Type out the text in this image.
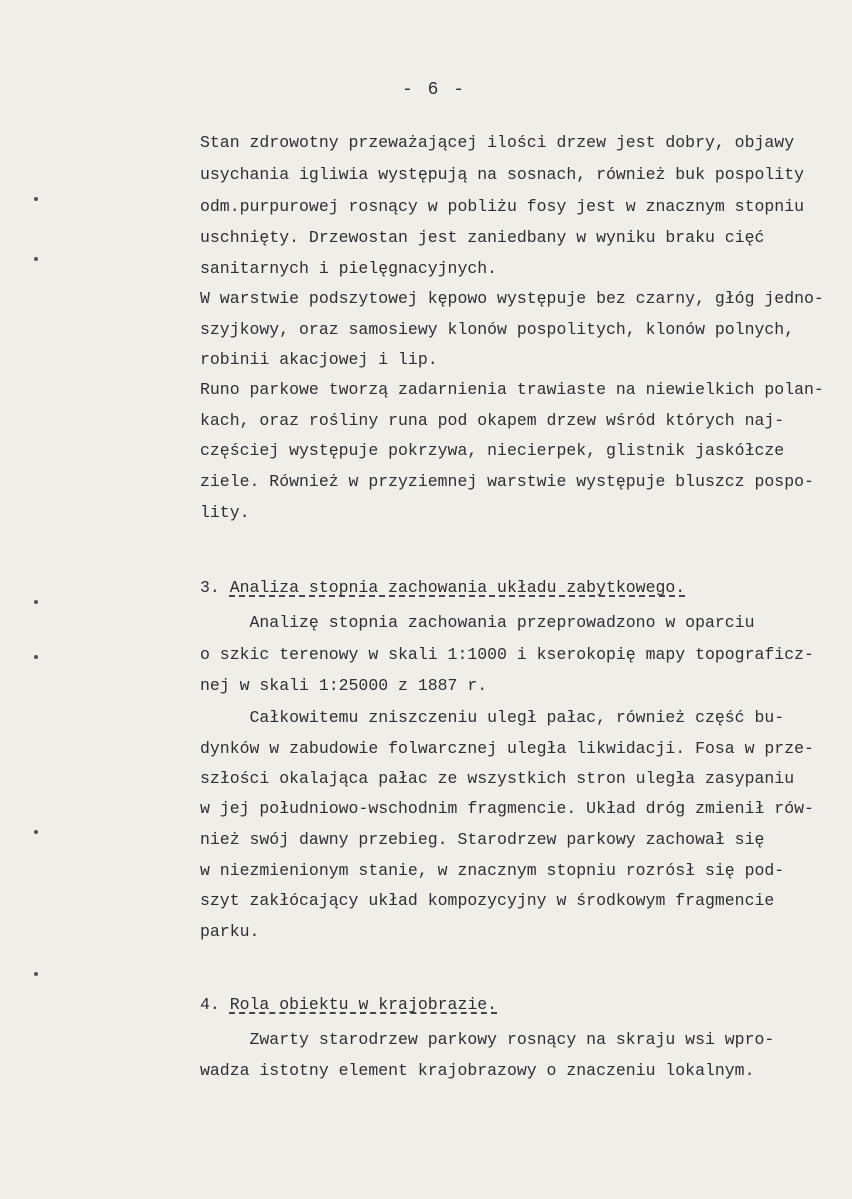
- 6 -
Stan zdrowotny przeważającej ilości drzew jest dobry, objawy
usychania igliwia występują na sosnach, również buk pospolity
odm.purpurowej rosnący w pobliżu fosy jest w znacznym stopniu
uschnięty. Drzewostan jest zaniedbany w wyniku braku cięć
sanitarnych i pielęgnacyjnych.
W warstwie podszytowej kępowo występuje bez czarny, głóg jedno-
szyjkowy, oraz samosiewy klonów pospolitych, klonów polnych,
robinii akacjowej i lip.
Runo parkowe tworzą zadarnienia trawiaste na niewielkich polan-
kach, oraz rośliny runa pod okapem drzew wśród których naj-
częściej występuje pokrzywa, niecierpek, glistnik jaskółcze
ziele. Również w przyziemnej warstwie występuje bluszcz pospo-
lity.
3. Analiza stopnia zachowania układu zabytkowego.
Analizę stopnia zachowania przeprowadzono w oparciu
o szkic terenowy w skali 1:1000 i kserokopię mapy topograficz-
nej w skali 1:25000 z 1887 r.
Całkowitemu zniszczeniu uległ pałac, również część bu-
dynków w zabudowie folwarcznej uległa likwidacji. Fosa w prze-
szłości okalająca pałac ze wszystkich stron uległa zasypaniu
w jej południowo-wschodnim fragmencie. Układ dróg zmienił rów-
nież swój dawny przebieg. Starodrzew parkowy zachował się
w niezmienionym stanie, w znacznym stopniu rozrósł się pod-
szyt zakłócający układ kompozycyjny w środkowym fragmencie
parku.
4. Rola obiektu w krajobrazie.
Zwarty starodrzew parkowy rosnący na skraju wsi wpro-
wadza istotny element krajobrazowy o znaczeniu lokalnym.
